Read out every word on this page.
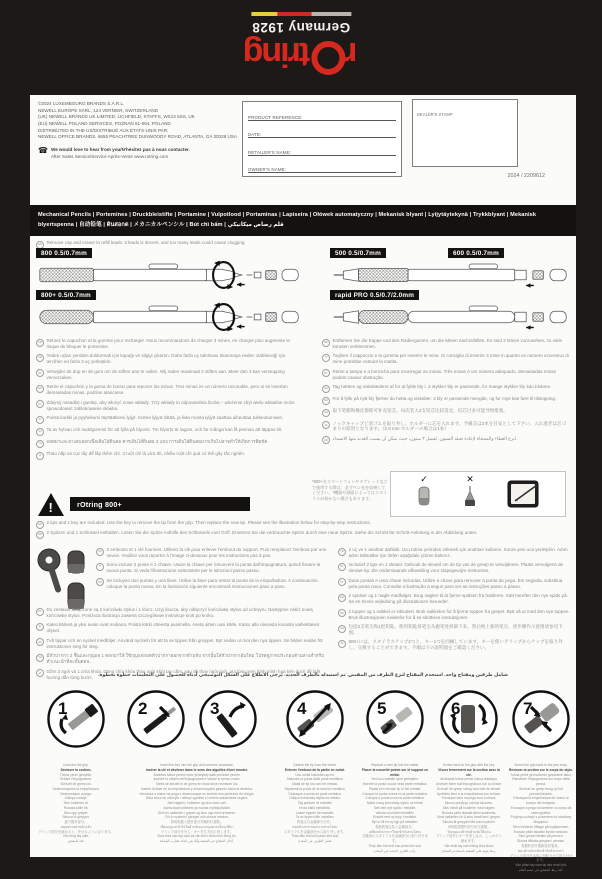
rtring
Germany 1928
©2024 LUXEMBOURG BRANDS S.À.R.L.
NEWELL EUROPE SÀRL, 124 VERNIER, SWITZERLAND
(UK) NEWELL BRANDS UK LIMITED, LICHFIELD, STAFFS, WS13 6SS, UK
(EU) NEWELL POLAND SERVICES, POZNAN 61-664, POLAND
DISTRIBUTED IN THE US/DISTRIBUÉ AUX ÉTATS-UNIS PAR:
NEWELL OFFICE BRANDS, 6655 PEACHTREE DUNWOODY ROAD, ATLANTA, GA 30328 USA
☎ We would love to hear from you/N'hésitez pas à nous contacter.
After Sales Service/Service Après-Vente www.rotring.com
PRODUCT REFERENCE:
DATE:
RETAILER'S NAME:
OWNER'S NAME:
DEALER'S STAMP
2024 / 2209612
Mechanical Pencils | Portemines | Druckbleistifte | Portamine | Vulpotlood | Portaminas | Lapiseira | Ołówek automatyczny | Mekanisk blyant | Lyijytäytekynä | Trykkblyant | Mekanisk blyertspenna | 自动铅笔 | ดินสอกด | メカニカルペンシル | Bút chì bấm | قلم رصاص ميكانيكي
EN	Remove cap and eraser to refill leads. 3 leads is decent, and too many leads could cause clogging.
800 0.5/0.7mm
800+ 0.5/0.7mm
500 0.5/0.7mm	600 0.5/0.7mm
rapid PRO 0.5/0.7/2.0mm
FR	Retirez le capuchon et la gomme pour recharger. Nous recommandons de charger 3 mines, en charger plus augmente le risque de bloquer le portemine.
TR	Yedek uçları yeniden doldurmak için kapağı ve silgiyi çıkartın. Daha fazla uç takılması tıkanmaya neden olabileceği için tercihen en fazla 3 uç yerleştirin.
NL	Verwijder de dop en de gum om de stiften aan te vullen. Wij raden maximaal 3 stiften aan. Meer dan 3 kan verstopping veroorzaken.
ES	Retire el capuchón y la goma de borrar para reponer las minas. Tres minas es un número razonable, pero si se insertan demasiadas minas, podrían atascarse.
PL	Zdejmij nasadkę i gumkę, aby włożyć nowe wkłady. Trzy wkłady to odpowiednia liczba – włożenie zbyt wielu wkładów może spowodować zablokowanie ołówka.
FI	Poista korkki ja pyyhekumi täyttääksesi lyijyt. Kolme lyijyä riittää, ja liian monta lyijyä saattaa aiheuttaa tukkeutumisen.
SV	Ta av hylsan och suddgummit för att fylla på blyorts. Tre blyorts är lagom, och för många kan få pennan att täppas till.
TH	ถอดฝาและยางลบออกเพื่อเติมไส้ดินสอ ควรเติมไส้ดินสอ 3 แท่ง การเติมไส้ดินสอมากเกินไปอาจทำให้เกิดการติดขัด
VI	Tháo nắp và cục tẩy để lắp thêm chì. 3 ruột chì là vừa đủ, nhiều ruột chì quá có thể gây tắc nghẽn.
DE	Entfernen Sie die Kappe und den Radiergummi, um die Minen nachzufüllen. Es sind 3 Minen vorzusehen, zu viele könnten verklemmen.
IT	Togliere il cappuccio e la gomma per inserire le mine. Si consiglia di inserire 3 mine in quanto un numero eccessivo di mine potrebbe ostruire la matita.
PT	Retire a tampa e a borracha para recarregar as minas. Três minas é um número adequado, demasiadas minas podem causar obstrução.
DA	Tag hætten og viskelæderet af for at fylde bly i. 3 stykker bly er passende, for mange stykker bly kan blokere.
NO	For å fylle på nytt bly fjerner du hetta og viskelær. 3 bly er passende mengde, og for mye kan føre til tilstopping.
ZH	取下笔帽和橡皮擦即可补充铅芯。每次装入3支铅芯比较适宜，铅芯过多可能导致堵塞。
JA	ノックキャップと消ゴムを取り外し、ホルダーに芯を入れます。予備芯は3本を目安として下さい。入れ過ぎは芯づまりの原因となります。（2.0 mm ホルダーの場合は1本）
AR	انزع الغطاء والممحاة لإعادة تعبئة السنون. يُفضل ٣ سنون، حيث يمكن أن يسبب العديد منها الانسداد.
*800+をスマートフォンやタブレットなどで使用する際は、必ずペン先を収納してください。*機器や画面によってはスタイラスが効かない場合もあります。
✓	✕
!	rOtring 800+
EN	2 tips and 1 key are included. Use the key to remove the tip from the grip. Then replace the new tip. Please see the illustration below for step-by-step instructions.
DE	2 Spitzen und 1 Schlüssel enthalten. Lösen Sie die Spitze mithilfe des Schlüssels vom Griff. Ersetzen Sie die verbrauchte Spitze durch eine neue Spitze. Siehe die Schritt-für-Schritt-Anleitung in der Abbildung unten.
FR	2 embouts et 1 clé fournies. Utilisez la clé pour enlever l'embout du support. Puis remplacez l'embout par une neuve. Veuillez vous reporter à l'image ci-dessous pour les instructions pas à pas.
IT	Sono incluse 2 punte e 1 chiave. Usare la chiave per rimuovere la punta dall'impugnatura, quindi fissare la nuova punta. Si veda l'illustrazione sottostante per le istruzioni passo passo.
ES	Se incluyen dos puntas y una llave. Utilice la llave para retirar la punta de la empuñadura. A continuación, coloque la punta nueva. En la ilustración siguiente encontrará instrucciones paso a paso.
PL	Do zestawu dołączone są 2 końcówki stylus i 1 klucz. Użyj klucza, aby odłączyć końcówkę stylus od uchwytu. Następnie załóż nową końcówkę stylus. Poniższa ilustracja zawiera szczegółowe instrukcje krok po kroku.
FI	Kaksi kärkeä ja yksi avain ovat mukana. Poista kärki otteesta avaimella. Aseta sitten uusi kärki. Katso alla olevasta kuvasta vaiheittaiset ohjeet.
SV	Två tippar och en nyckel medföljer. Använd nyckeln för att ta av tippen från greppet. Byt sedan ut mot den nya tippen. Se bilden nedan för instruktioner steg för steg.
TH	มีหัวปากกา 2 ชิ้นและกุญแจ 1 ดอกมาให้ ใช้กุญแจถอดหัวปากกาออกจากด้ามจับ จากนั้นใส่หัวปากกาอันใหม่ โปรดดูภาพประกอบด้านล่างสำหรับคำแนะนำทีละขั้นตอน
VI	Gồm 2 ngòi và 1 chìa khóa. Dùng chìa khóa tháo ngòi khỏi tay cầm, sau đó thay ngòi mới. Vui lòng xem hình minh họa bên dưới để biết hướng dẫn từng bước.
TR	2 uç ve 1 anahtar dahildir. Ucu tutma yerinden sökmek için anahtarı kullanın. Sonra yeni uca yerleştirin. Adım adım talimatlar için lütfen aşağıdaki çizime bakınız.
NL	Inclusief 2 tips en 1 sleutel. Gebruik de sleutel om de tip van de greep te verwijderen. Plaats vervolgens de nieuwe tip. Zie onderstaande afbeelding voor stapsgewijze instructies.
PT	Duas pontas e uma chave incluídas. Utilize a chave para remover a ponta da pega. Em seguida, substitua pela ponta nova. Consulte a ilustração a seguir para ver as instruções passo a passo.
DA	2 spidser og 1 nøgle medfølger. Brug nøglen til at fjerne spidsen fra holderen. Sæt herefter den nye spids på. Se en trinvis vejledning på illustrationen herunder.
NO	2 tupper og 1 nøkkel er inkludert. Bruk nøkkelen for å fjerne tuppen fra grepet. Bytt så ut med den nye tuppen. Bruk illustrasjonen nedenfor for å se skrittvise instruksjoner.
ZH	包括2支笔尖和1把钥匙。使用钥匙将笔尖从握笔处拆卸下来，然后换上新的笔尖。逐步操作示意图请参见下图。
JA	800+には、スタイラスチップ2つと、キー1つを同梱しています。キーを使いグリップからチップを取り外し、交換することができます。手順は下の説明図をご確認ください。
شامل طرفين ومفتاح واحد. استخدم المفتاح لنزع الطرف من المقبض. ثم استبدله بالطرف الجديد. يُرجى الاطلاع على الشكل التوضيحي أدناه للحصول على التعليمات خطوة بخطوة.
1	2	3	4	5	6	7
Unscrew the grip.
Dévisser la section.
Tutma yerini gevşetin.
Svitare l'impugnatura.
Schroef de greep los.
Desenrósquese la empuñadura.
Desenrosque a pega.
Odkręć uchwyt.
Skru holderen af.
Ruuvaa pidin irti.
Skru opp grepet.
Skruva ur greppet.
旋下握杆部分。
หมุนคลายส่วนด้ามจับ
グリップ部分を緩めると、外せるようになります。
Vặn lỏng tay cầm.
فك المقبض.
Insert the key into the grip and unscrew clockwise.
Insérer la clé et dévisser dans le sens des aiguilles d'une montre.
Anahtarı tutma yerinin içine yerleştirip saat yönünde çevirin.
Inserire la chiave nell'impugnatura e svitare in senso orario.
Steek de sleutel in de greep en draai deze rechtsom los.
Inserte la llave en la empuñadura y desenrósquela girando hacia la derecha.
Introduza a chave na pega e desenrosque no sentido dos ponteiros do relógio.
Włóż klucz do uchwytu i odkręć zgodnie z ruchem wskazówek zegara.
Sæt nøglen i holderen og skru med uret.
Aseta avain pitimeen ja ruuvaa myötäpäivään.
Sett inn nøkkelen i grepet og skru opp med urviseren.
För in nyckeln i greppet och skruva medurs.
将钥匙插入握杆部分并顺时针旋转。
เสียบกุญแจเข้าไปในด้ามจับและหมุนตามเข็มนาฬิกา
グリップ部分を外し、キーを左方向に回します。
Đưa chìa vào tay cầm và vặn theo chiều kim đồng hồ.
أدخل المفتاح في القبضة وفُك في اتجاه عقارب الساعة.
Detach the tip from the metal.
Enlever l'embout de la partie en métal.
Ucu metal kısımdan ayırın.
Staccare la punta dalla parte metallica.
Maak de tip los van het metaal.
Sepárese la punta de la sección metálica.
Destaque a ponta da parte metálica.
Odłącz końcówkę stylus od metalu.
Tag spidsen af metallet.
Irrota kärki metallista.
Løsne tuppen fra metallet.
Ta av tippen från metallen.
将笔尖与金属部分分开。
ถอดหัวปากกาออกจากส่วนโลหะ
スタイラスを金属部分から取り外します。
Tháo đầu bút khỏi phần kim loại.
فصل الطرف عن المعدن.
Replace a new tip into the metal.
Placer la nouvelle pointe sur le support en métal.
Yeni ucu metalin içine yerleştirin.
Inserire la punta nuova nella parte metallica.
Plaats een nieuwe tip in het metaal.
Coloque la punta nueva en la parte metálica.
Coloque a ponta nova na parte metálica.
Nałóż nową końcówkę stylus na metal.
Sæt den nye spids i metallet.
Vaihda uusi kärki metalliin.
Erstatt med ny tupp i metallet.
Byt ut till en ny tipp på metallen.
将新的笔尖装入金属部分。
เปลี่ยนหัวปากกาใหม่เข้ากับส่วนโลหะ
交換用のスタイラスを金属部分に取り付けます。
Thay đầu bút mới vào phần kim loại.
ركب الطرف الجديد في المعدن.
Screw hard on the grip with the key.
Visser fermement sur la section avec la clé.
Anahtarla tutma yerine sıkıca vidalayın.
Avvitare bene sull'impugnatura con la chiave.
Schroef de greep stevig vast met de sleutel.
Apriétela bien a la empuñadura con la llave.
Enrosque bem na pega com a chave.
Mocno przykręć uchwyt kluczem.
Skru hårdt på holderen med nøglen.
Ruuvaa pidin tiukasti kiinni avaimella.
Bruk nøkkelen for å skru hardt fast i grepet.
Skruva åt greppet hårt med nyckeln.
用钥匙将握杆部分用力旋紧。
ขันกุญแจเข้ากับด้ามจับให้แน่น
グリップ部分にキーを差し込み、しっかりと締めます。
Vặn chặt tay cầm bằng chìa khóa.
ربط بقوة على القبضة باستخدام المفتاح.
Screw the grip back to the pen body.
Revisser la section sur le corps du stylo.
Tutma yerini geri kalemin gövdesine takın.
Riavvitare l'impugnatura sul corpo della penna.
Schroef de greep terug op het pennenlichaam.
Enrosque la empuñadura de nuevo al cuerpo del bolígrafo.
Enrosque a pega novamente no corpo da esferográfica.
Przykręć uchwyt z powrotem do obudowy długopisu.
Skru holderen tilbage på kuglepennen.
Ruuvaa pidin takaisin kynän runkoon.
Skru grepet tilbake på pennen.
Skruva tillbaka greppet i pennan.
将握杆部分重新装回笔身。
หมุนด้ามจับกลับเข้ากับตัวปากกา
グリップ部分を本体に回転させて取り付けます。
Vặn phần tay cầm lại vào mình bút.
أعد ربط المقبض في جسم القلم.
